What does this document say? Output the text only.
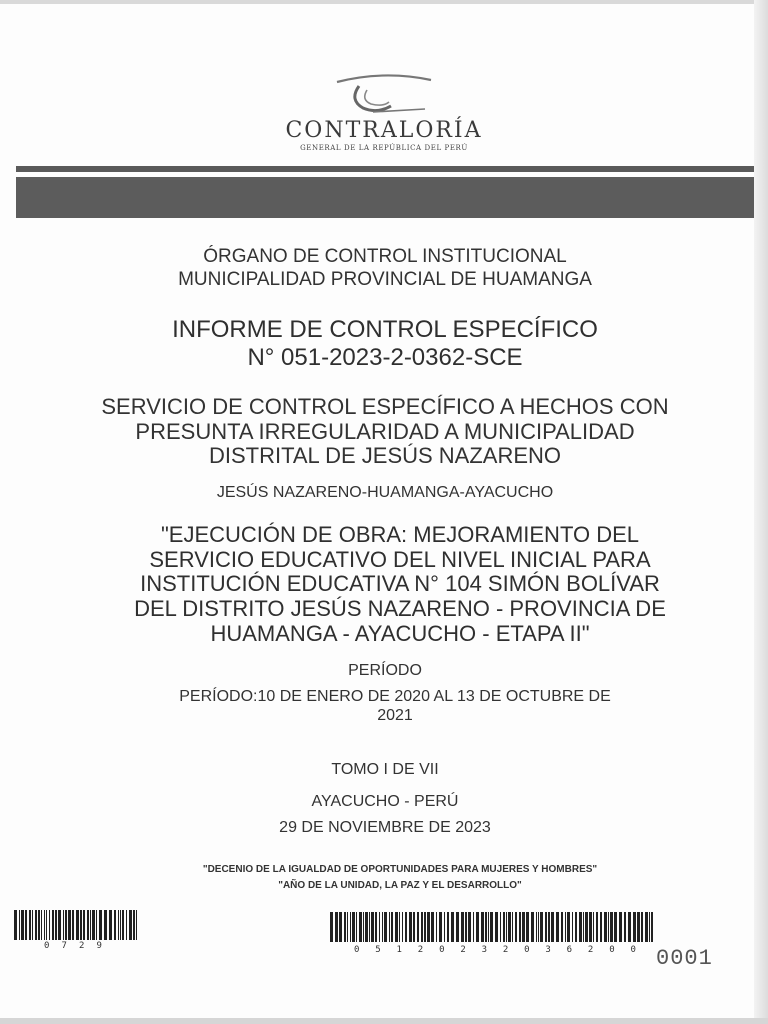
CONTRALORÍA
GENERAL DE LA REPÚBLICA DEL PERÚ
ÓRGANO DE CONTROL INSTITUCIONAL
MUNICIPALIDAD PROVINCIAL DE HUAMANGA
INFORME DE CONTROL ESPECÍFICO
N° 051-2023-2-0362-SCE
SERVICIO DE CONTROL ESPECÍFICO A HECHOS CON
PRESUNTA IRREGULARIDAD A MUNICIPALIDAD
DISTRITAL DE JESÚS NAZARENO
JESÚS NAZARENO-HUAMANGA-AYACUCHO
"EJECUCIÓN DE OBRA: MEJORAMIENTO DEL
SERVICIO EDUCATIVO DEL NIVEL INICIAL PARA
INSTITUCIÓN EDUCATIVA N° 104 SIMÓN BOLÍVAR
DEL DISTRITO JESÚS NAZARENO - PROVINCIA DE
HUAMANGA - AYACUCHO - ETAPA II"
PERÍODO
PERÍODO:10 DE ENERO DE 2020 AL 13 DE OCTUBRE DE
2021
TOMO I DE VII
AYACUCHO - PERÚ
29 DE NOVIEMBRE DE 2023
"DECENIO DE LA IGUALDAD DE OPORTUNIDADES PARA MUJERES Y HOMBRES"
"AÑO DE LA UNIDAD, LA PAZ Y EL DESARROLLO"
0 7 2 9	0 5 1 2 0 2 3 2 0 3 6 2 0 0 0001
